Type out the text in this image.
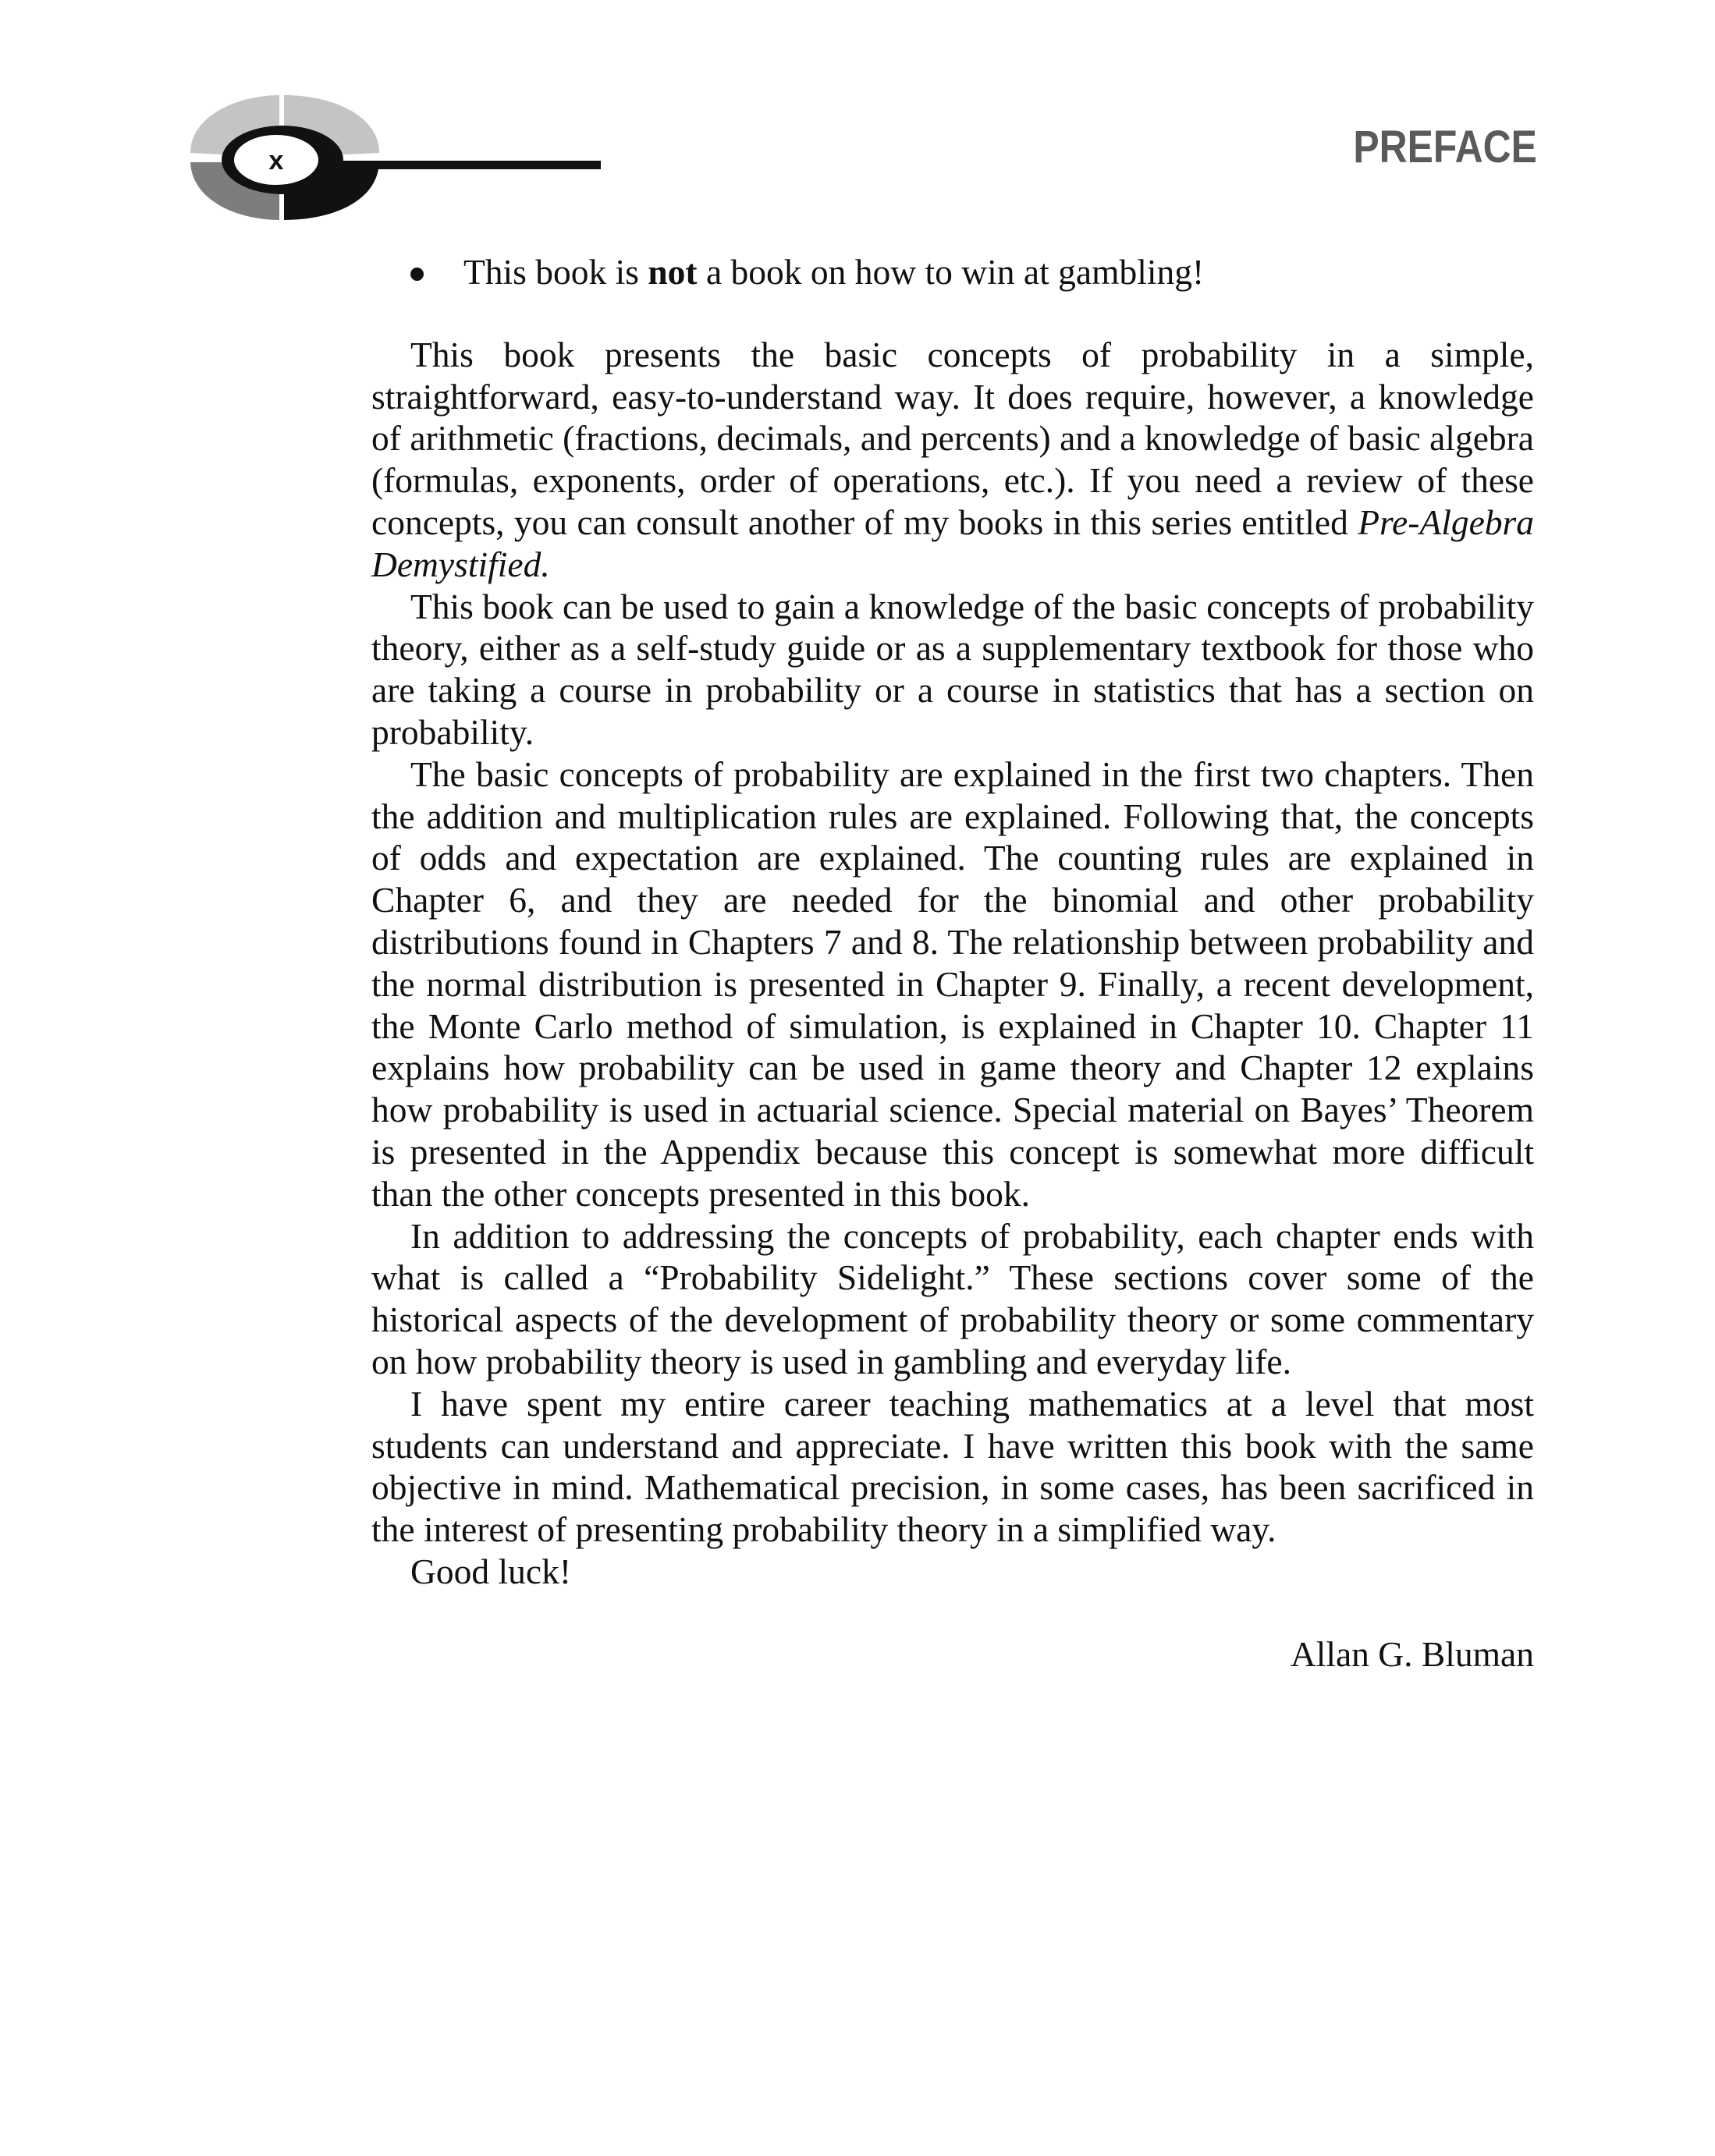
x	PREFACE

This book is not a book on how to win at gambling!

This book presents the basic concepts of probability in a simple, straightforward, easy-to-understand way. It does require, however, a knowledge of arithmetic (fractions, decimals, and percents) and a knowledge of basic algebra (formulas, exponents, order of operations, etc.). If you need a review of these concepts, you can consult another of my books in this series entitled Pre-Algebra Demystified.

This book can be used to gain a knowledge of the basic concepts of probability theory, either as a self-study guide or as a supplementary textbook for those who are taking a course in probability or a course in statistics that has a section on probability.

The basic concepts of probability are explained in the first two chapters. Then the addition and multiplication rules are explained. Following that, the concepts of odds and expectation are explained. The counting rules are explained in Chapter 6, and they are needed for the binomial and other probability distributions found in Chapters 7 and 8. The relationship between probability and the normal distribution is presented in Chapter 9. Finally, a recent development, the Monte Carlo method of simulation, is explained in Chapter 10. Chapter 11 explains how probability can be used in game theory and Chapter 12 explains how probability is used in actuarial science. Special material on Bayes’ Theorem is presented in the Appendix because this concept is somewhat more difficult than the other concepts presented in this book.

In addition to addressing the concepts of probability, each chapter ends with what is called a “Probability Sidelight.” These sections cover some of the historical aspects of the development of probability theory or some commentary on how probability theory is used in gambling and everyday life.

I have spent my entire career teaching mathematics at a level that most students can understand and appreciate. I have written this book with the same objective in mind. Mathematical precision, in some cases, has been sacrificed in the interest of presenting probability theory in a simplified way.

Good luck!

Allan G. Bluman
